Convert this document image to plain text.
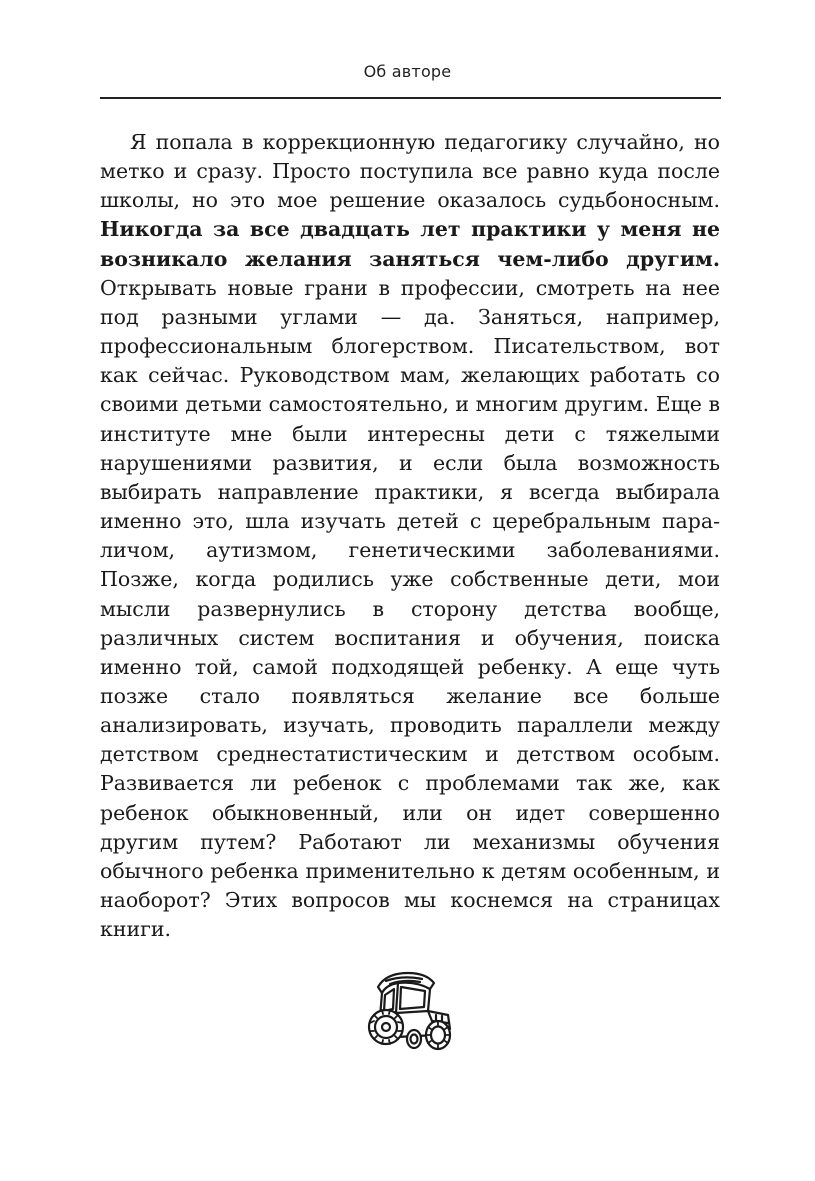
Об авторе

Я попала в коррекционную педагогику случайно, но метко и сразу. Просто поступила все равно куда после школы, но это мое решение оказалось судьбоносным. Никогда за все двадцать лет практики у меня не возникало желания заняться чем-либо другим. Открывать новые грани в профессии, смотреть на нее под разными углами — да. Заняться, например, профессиональным блогерством. Писательством, вот как сейчас. Руководством мам, желающих работать со своими детьми самостоятельно, и многим другим. Еще в институте мне были интересны дети с тяжелыми нарушениями развития, и если была возможность выбирать направление практики, я всегда выбирала именно это, шла изучать детей с церебральным параличом, аутизмом, генетическими заболеваниями. Позже, когда родились уже собственные дети, мои мысли развернулись в сторону детства вообще, различных систем воспитания и обучения, поиска именно той, самой подходящей ребенку. А еще чуть позже стало появляться желание все больше анализировать, изучать, проводить параллели между детством среднестатистическим и детством особым. Развивается ли ребенок с проблемами так же, как ребенок обыкновенный, или он идет совершенно другим путем? Работают ли механизмы обучения обычного ребенка применительно к детям особенным, и наоборот? Этих вопросов мы коснемся на страницах книги.
